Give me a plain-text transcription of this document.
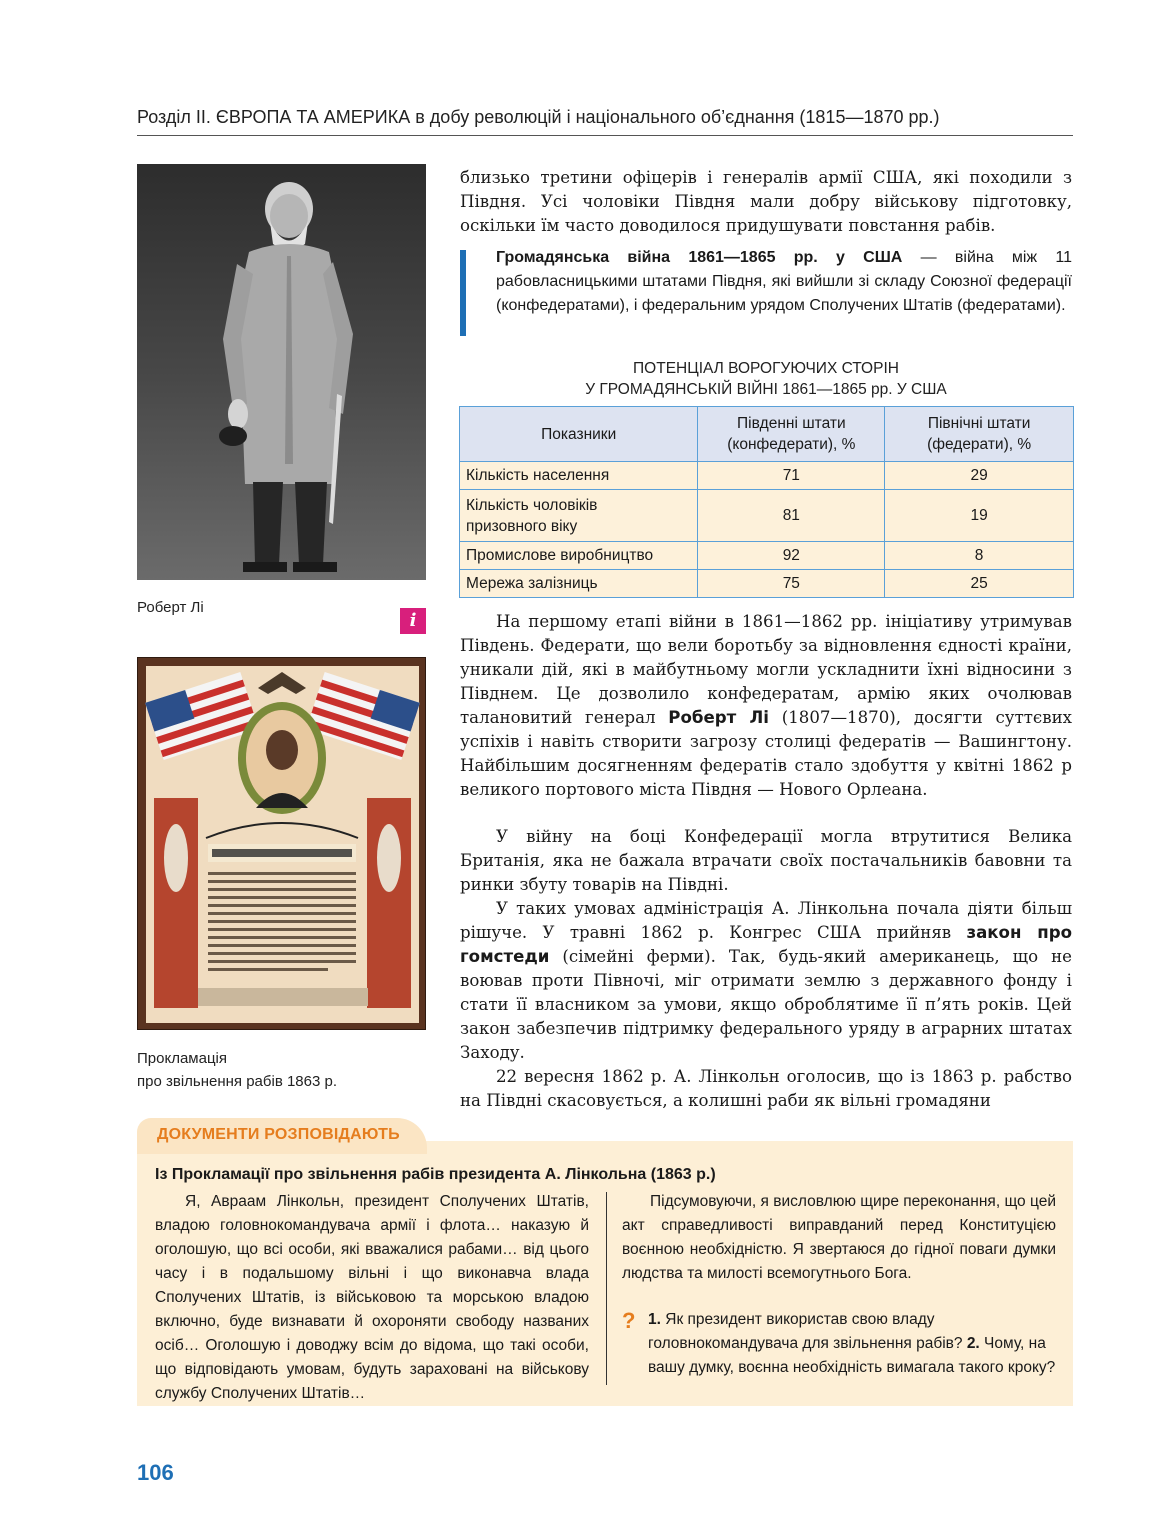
Розділ ІІ. ЄВРОПА ТА АМЕРИКА в добу революцій і національного об’єднання (1815—1870 рр.)
Роберт Лі
i
Прокламація
про звільнення рабів 1863 р.
близько третини офіцерів і генералів армії США, які походили з Півдня. Усі чоловіки Півдня мали добру військову підготовку, оскільки їм часто доводилося придушувати повстання рабів.
Громадянська війна 1861—1865 рр. у США — війна між 11 рабовласницькими штатами Півдня, які вийшли зі складу Союзної федерації (конфедератами), і федеральним урядом Сполучених Штатів (федератами).
ПОТЕНЦІАЛ ВОРОГУЮЧИХ СТОРІН
У ГРОМАДЯНСЬКІЙ ВІЙНІ 1861—1865 рр. У США
Показники	Південні штати (конфедерати), %	Північні штати (федерати), %
Кількість населення	71	29
Кількість чоловіків призовного віку	81	19
Промислове виробництво	92	8
Мережа залізниць	75	25
На першому етапі війни в 1861—1862 рр. ініціативу утримував Південь. Федерати, що вели боротьбу за відновлення єдності країни, уникали дій, які в майбутньому могли ускладнити їхні відносини з Півднем. Це дозволило конфедератам, армію яких очолював талановитий генерал Роберт Лі (1807—1870), досягти суттєвих успіхів і навіть створити загрозу столиці федератів — Вашингтону. Найбільшим досягненням федератів стало здобуття у квітні 1862 р великого портового міста Півдня — Нового Орлеана.
У війну на боці Конфедерації могла втрутитися Велика Британія, яка не бажала втрачати своїх постачальників бавовни та ринки збуту товарів на Півдні.
У таких умовах адміністрація А. Лінкольна почала діяти більш рішуче. У травні 1862 р. Конгрес США прийняв закон про гомстеди (сімейні ферми). Так, будь-який американець, що не воював проти Півночі, міг отримати землю з державного фонду і стати її власником за умови, якщо оброблятиме її п’ять років. Цей закон забезпечив підтримку федерального уряду в аграрних штатах Заходу.
22 вересня 1862 р. А. Лінкольн оголосив, що із 1863 р. рабство на Півдні скасовується, а колишні раби як вільні громадяни
ДОКУМЕНТИ РОЗПОВІДАЮТЬ
Із Прокламації про звільнення рабів президента А. Лінкольна (1863 р.)
Я, Авраам Лінкольн, президент Сполучених Штатів, владою головнокомандувача армії і флота… наказую й оголошую, що всі особи, які вважалися рабами… від цього часу і в подальшому вільні і що виконавча влада Сполучених Штатів, із військовою та морською владою включно, буде визнавати й охороняти свободу названих осіб… Оголошую і доводжу всім до відома, що такі особи, що відповідають умовам, будуть зараховані на військову службу Сполучених Штатів…
Підсумовуючи, я висловлюю щире переконання, що цей акт справедливості виправданий перед Конституцією воєнною необхідністю. Я звертаюся до гідної поваги думки людства та милості всемогутнього Бога.
? 1. Як президент використав свою владу головнокомандувача для звільнення рабів? 2. Чому, на вашу думку, воєнна необхідність вимагала такого кроку?
106
